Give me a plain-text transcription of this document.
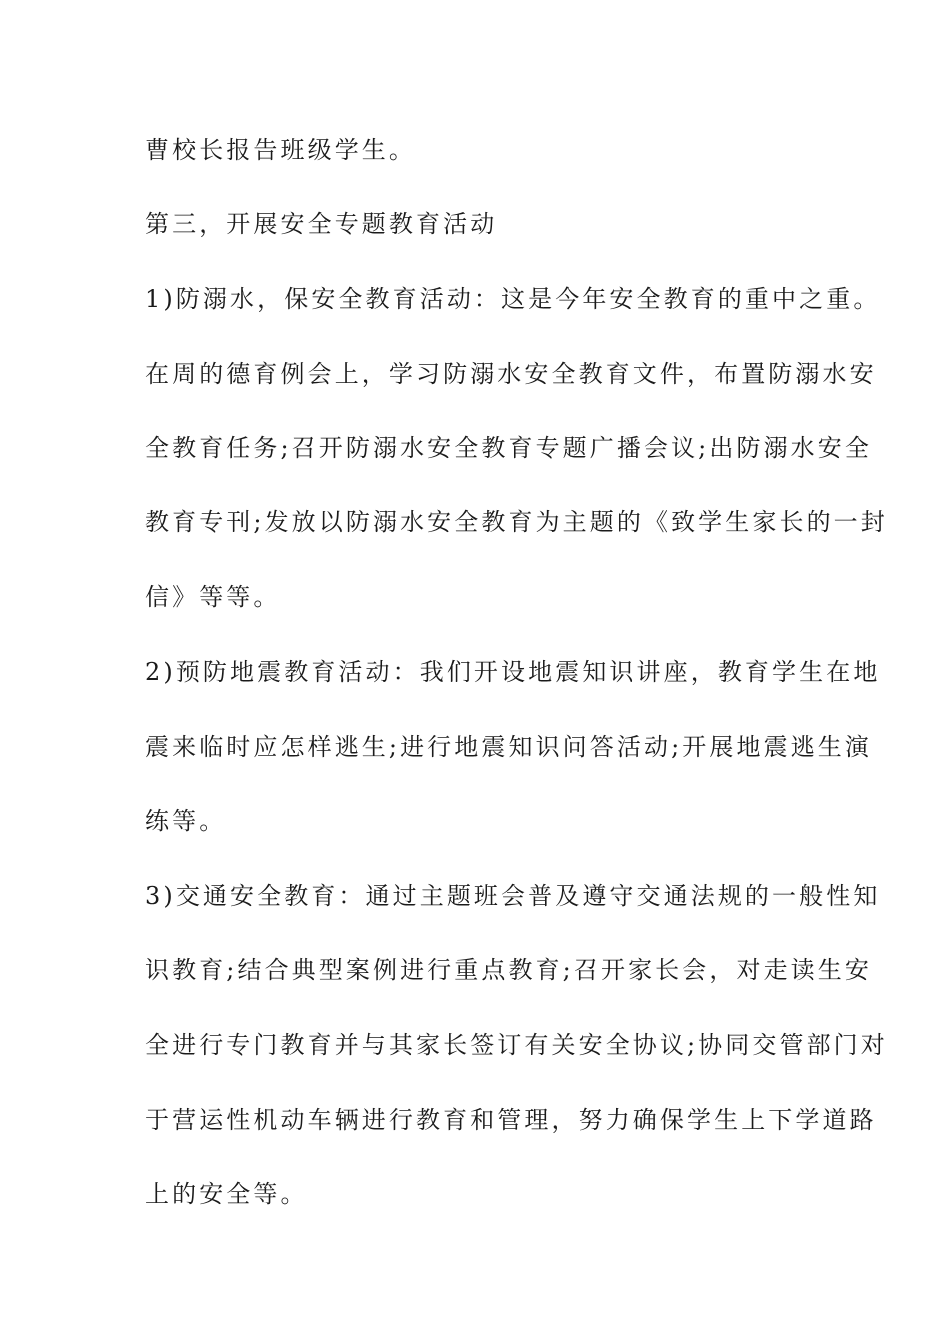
曹校长报告班级学生。
第三，开展安全专题教育活动
1)防溺水，保安全教育活动：这是今年安全教育的重中之重。
在周的德育例会上，学习防溺水安全教育文件，布置防溺水安
全教育任务;召开防溺水安全教育专题广播会议;出防溺水安全
教育专刊;发放以防溺水安全教育为主题的《致学生家长的一封
信》等等。
2)预防地震教育活动：我们开设地震知识讲座，教育学生在地
震来临时应怎样逃生;进行地震知识问答活动;开展地震逃生演
练等。
3)交通安全教育：通过主题班会普及遵守交通法规的一般性知
识教育;结合典型案例进行重点教育;召开家长会，对走读生安
全进行专门教育并与其家长签订有关安全协议;协同交管部门对
于营运性机动车辆进行教育和管理，努力确保学生上下学道路
上的安全等。
